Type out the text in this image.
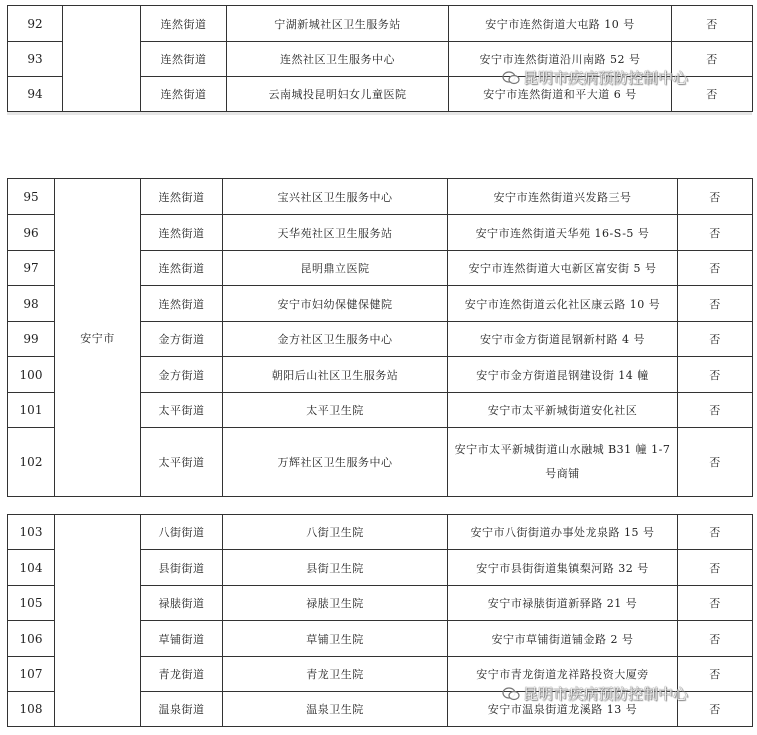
92		连然街道	宁湖新城社区卫生服务站	安宁市连然街道大屯路 10 号	否
93		连然街道	连然社区卫生服务中心	安宁市连然街道沿川南路 52 号	否
94		连然街道	云南城投昆明妇女儿童医院	安宁市连然街道和平大道 6 号	否
95	安宁市	连然街道	宝兴社区卫生服务中心	安宁市连然街道兴发路三号	否
96		连然街道	天华苑社区卫生服务站	安宁市连然街道天华苑 16-S-5 号	否
97		连然街道	昆明鼎立医院	安宁市连然街道大屯新区富安街 5 号	否
98		连然街道	安宁市妇幼保健保健院	安宁市连然街道云化社区康云路 10 号	否
99		金方街道	金方社区卫生服务中心	安宁市金方街道昆钢新村路 4 号	否
100		金方街道	朝阳后山社区卫生服务站	安宁市金方街道昆钢建设街 14 幢	否
101		太平街道	太平卫生院	安宁市太平新城街道安化社区	否
102		太平街道	万辉社区卫生服务中心	安宁市太平新城街道山水融城 B31 幢 1-7 号商铺	否
103		八街街道	八街卫生院	安宁市八街街道办事处龙泉路 15 号	否
104		县街街道	县街卫生院	安宁市县街街道集镇梨河路 32 号	否
105		禄脿街道	禄脿卫生院	安宁市禄脿街道新驿路 21 号	否
106		草铺街道	草铺卫生院	安宁市草铺街道铺金路 2 号	否
107		青龙街道	青龙卫生院	安宁市青龙街道龙祥路投资大厦旁	否
108		温泉街道	温泉卫生院	安宁市温泉街道龙溪路 13 号	否
昆明市疾病预防控制中心
昆明市疾病预防控制中心
